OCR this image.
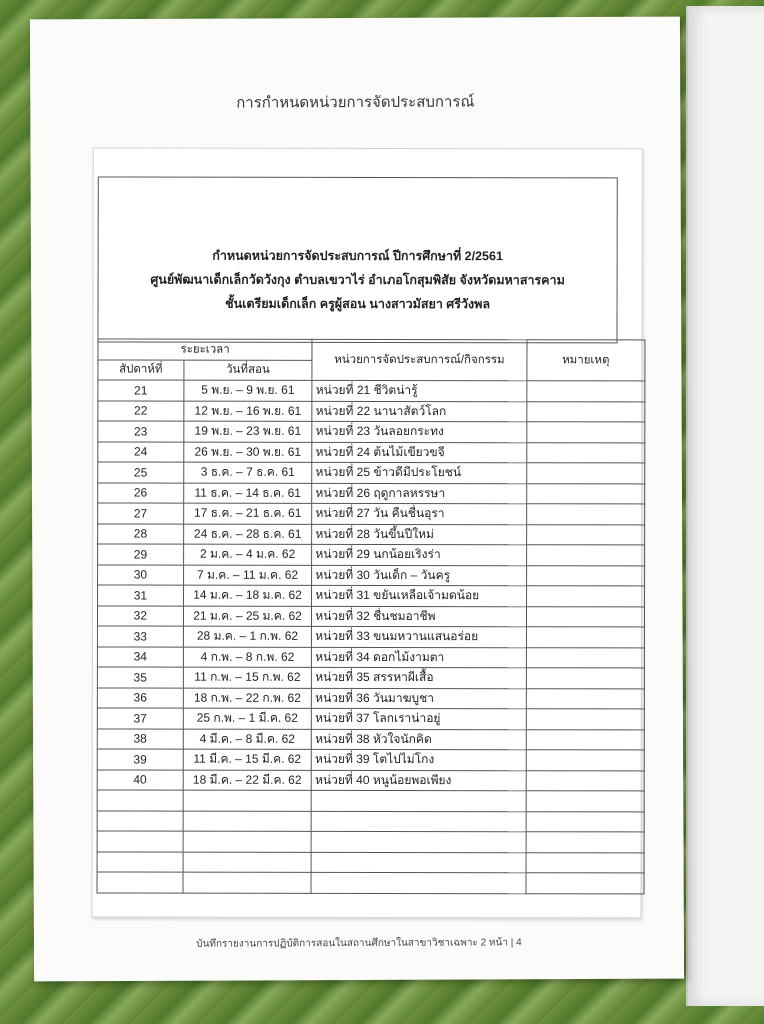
การกำหนดหน่วยการจัดประสบการณ์
กำหนดหน่วยการจัดประสบการณ์ ปีการศึกษาที่ 2/2561
ศูนย์พัฒนาเด็กเล็กวัดวังกุง ตำบลเขวาไร่ อำเภอโกสุมพิสัย จังหวัดมหาสารคาม
ชั้นเตรียมเด็กเล็ก ครูผู้สอน นางสาวมัสยา ศรีวังพล
ระยะเวลา		หน่วยการจัดประสบการณ์/กิจกรรม	หมายเหตุ
สัปดาห์ที่	วันที่สอน		
21	5 พ.ย. – 9 พ.ย. 61	หน่วยที่ 21 ชีวิตน่ารู้	
22	12 พ.ย. – 16 พ.ย. 61	หน่วยที่ 22 นานาสัตว์โลก	
23	19 พ.ย. – 23 พ.ย. 61	หน่วยที่ 23 วันลอยกระทง	
24	26 พ.ย. – 30 พ.ย. 61	หน่วยที่ 24 ต้นไม้เขียวขจี	
25	3 ธ.ค. – 7 ธ.ค. 61	หน่วยที่ 25 ข้าวดีมีประโยชน์	
26	11 ธ.ค. – 14 ธ.ค. 61	หน่วยที่ 26 ฤดูกาลหรรษา	
27	17 ธ.ค. – 21 ธ.ค. 61	หน่วยที่ 27 วัน คืนชื่นอุรา	
28	24 ธ.ค. – 28 ธ.ค. 61	หน่วยที่ 28 วันขึ้นปีใหม่	
29	2 ม.ค. – 4 ม.ค. 62	หน่วยที่ 29 นกน้อยเริงร่า	
30	7 ม.ค. – 11 ม.ค. 62	หน่วยที่ 30 วันเด็ก – วันครู	
31	14 ม.ค. – 18 ม.ค. 62	หน่วยที่ 31 ขยันเหลือเจ้ามดน้อย	
32	21 ม.ค. – 25 ม.ค. 62	หน่วยที่ 32 ชื่นชมอาชีพ	
33	28 ม.ค. – 1 ก.พ. 62	หน่วยที่ 33 ขนมหวานแสนอร่อย	
34	4 ก.พ. – 8 ก.พ. 62	หน่วยที่ 34 ดอกไม้งามตา	
35	11 ก.พ. – 15 ก.พ. 62	หน่วยที่ 35 สรรหาผีเสื้อ	
36	18 ก.พ. – 22 ก.พ. 62	หน่วยที่ 36 วันมาฆบูชา	
37	25 ก.พ. – 1 มี.ค. 62	หน่วยที่ 37 โลกเราน่าอยู่	
38	4 มี.ค. – 8 มี.ค. 62	หน่วยที่ 38 หัวใจนักคิด	
39	11 มี.ค. – 15 มี.ค. 62	หน่วยที่ 39 โตไปไม่โกง	
40	18 มี.ค. – 22 มี.ค. 62	หน่วยที่ 40 หนูน้อยพอเพียง	

บันทึกรายงานการปฏิบัติการสอนในสถานศึกษาในสาขาวิชาเฉพาะ 2 หน้า | 4
